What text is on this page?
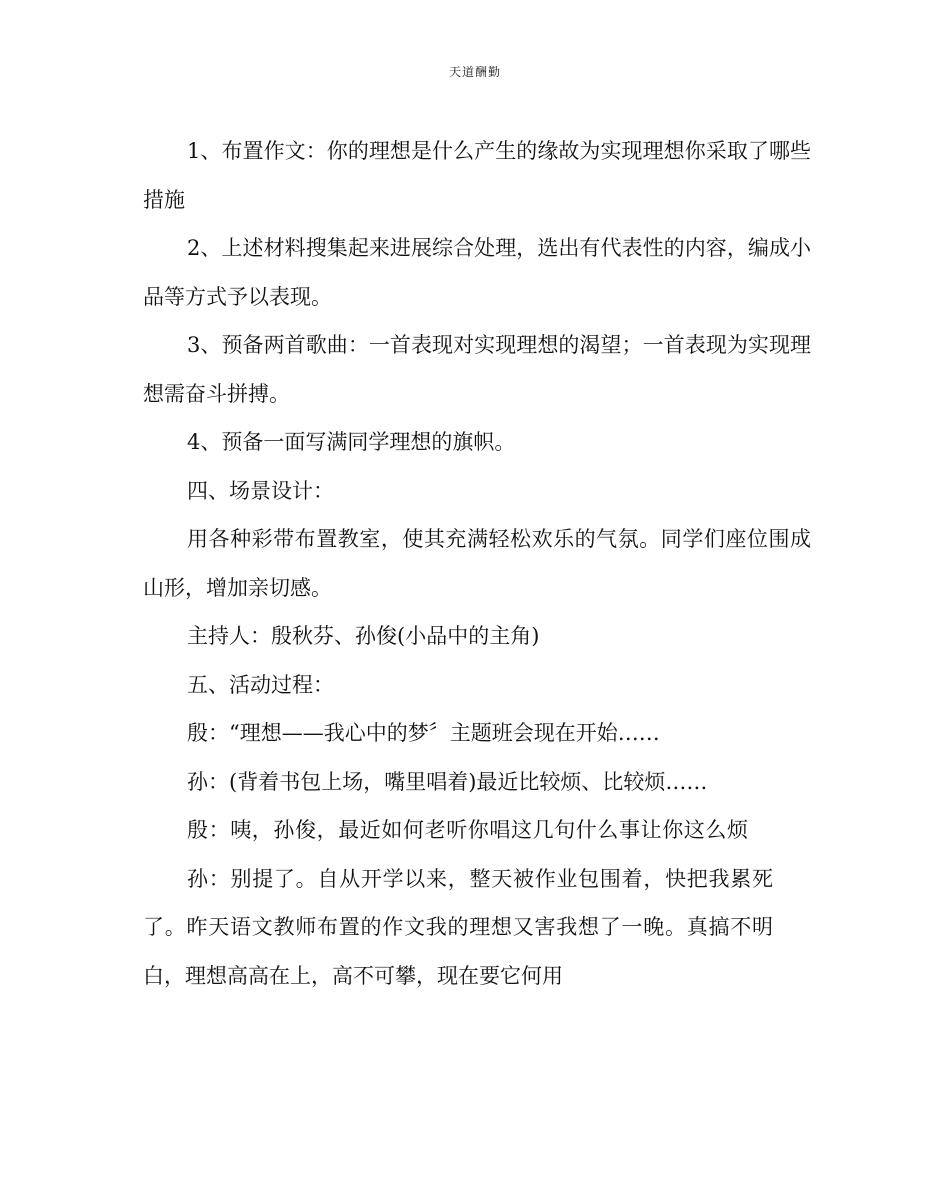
天道酬勤

1、布置作文：你的理想是什么产生的缘故为实现理想你采取了哪些措施

2、上述材料搜集起来进展综合处理，选出有代表性的内容，编成小品等方式予以表现。

3、预备两首歌曲：一首表现对实现理想的渴望；一首表现为实现理想需奋斗拼搏。

4、预备一面写满同学理想的旗帜。

四、场景设计：

用各种彩带布置教室，使其充满轻松欢乐的气氛。同学们座位围成山形，增加亲切感。

主持人：殷秋芬、孙俊(小品中的主角)

五、活动过程：

殷：“理想——我心中的梦〞主题班会现在开始……

孙：(背着书包上场，嘴里唱着)最近比较烦、比较烦……

殷：咦，孙俊，最近如何老听你唱这几句什么事让你这么烦

孙：别提了。自从开学以来，整天被作业包围着，快把我累死了。昨天语文教师布置的作文我的理想又害我想了一晚。真搞不明白，理想高高在上，高不可攀，现在要它何用
